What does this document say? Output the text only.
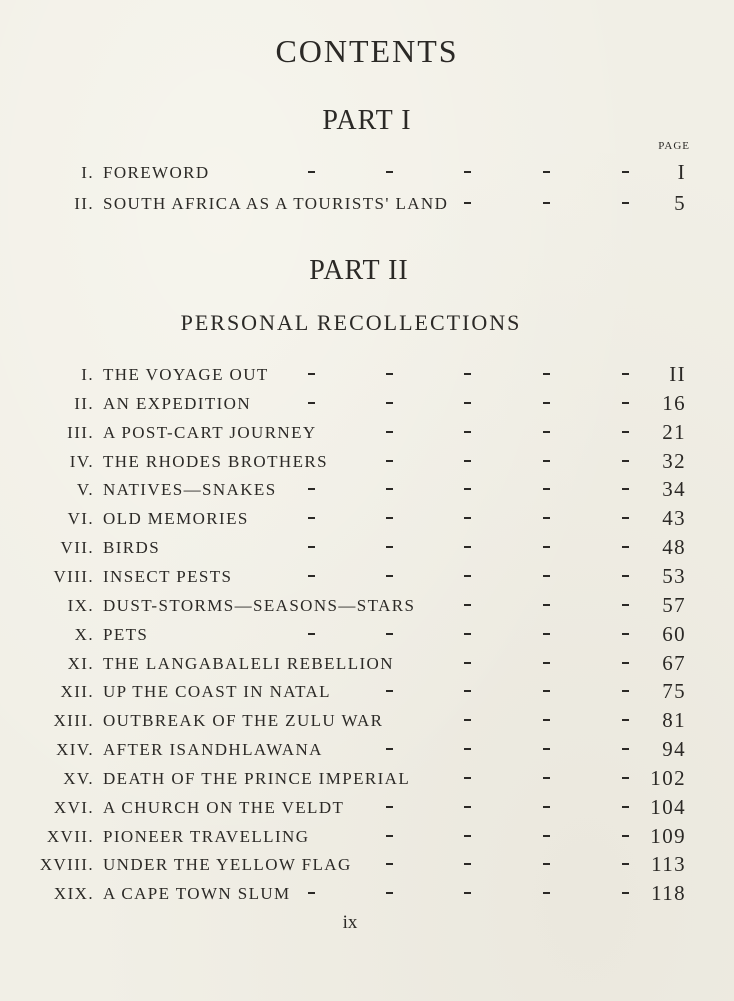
CONTENTS
PART I
PAGE
I. FOREWORD	I
II. SOUTH AFRICA AS A TOURISTS' LAND	5
PART II
PERSONAL RECOLLECTIONS
I. THE VOYAGE OUT	II
II. AN EXPEDITION	16
III. A POST-CART JOURNEY	21
IV. THE RHODES BROTHERS	32
V. NATIVES—SNAKES	34
VI. OLD MEMORIES	43
VII. BIRDS	48
VIII. INSECT PESTS	53
IX. DUST-STORMS—SEASONS—STARS	57
X. PETS	60
XI. THE LANGABALELI REBELLION	67
XII. UP THE COAST IN NATAL	75
XIII. OUTBREAK OF THE ZULU WAR	81
XIV. AFTER ISANDHLAWANA	94
XV. DEATH OF THE PRINCE IMPERIAL	102
XVI. A CHURCH ON THE VELDT	104
XVII. PIONEER TRAVELLING	109
XVIII. UNDER THE YELLOW FLAG	113
XIX. A CAPE TOWN SLUM	118
ix
